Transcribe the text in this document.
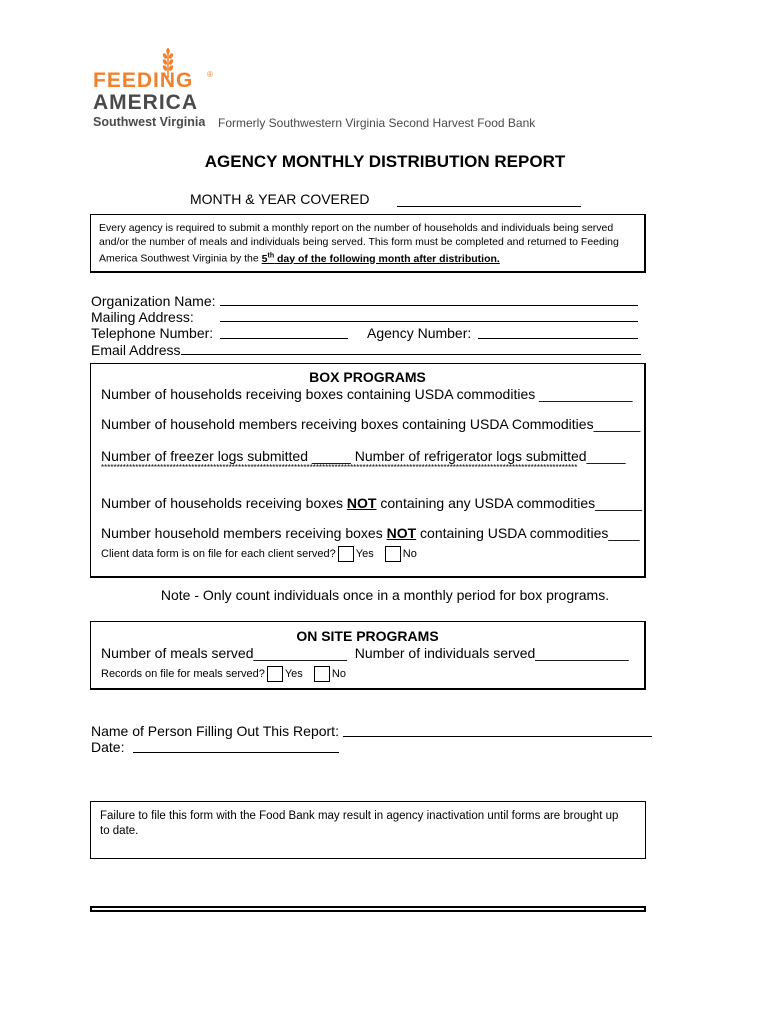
FEEDING ®
AMERICA
Southwest Virginia Formerly Southwestern Virginia Second Harvest Food Bank
AGENCY MONTHLY DISTRIBUTION REPORT
MONTH & YEAR COVERED
Every agency is required to submit a monthly report on the number of households and individuals being served and/or the number of meals and individuals being served. This form must be completed and returned to Feeding America Southwest Virginia by the 5th day of the following month after distribution.
Organization Name:
Mailing Address:
Telephone Number:	Agency Number:
Email Address
BOX PROGRAMS
Number of households receiving boxes containing USDA commodities ____________
Number of household members receiving boxes containing USDA Commodities______
Number of freezer logs submitted _____ Number of refrigerator logs submitted_____
*********************************************************************************************************************************************************
Number of households receiving boxes NOT containing any USDA commodities______
Number household members receiving boxes NOT containing USDA commodities____
Client data form is on file for each client served? Yes	No
Note - Only count individuals once in a monthly period for box programs.
ON SITE PROGRAMS
Number of meals served____________ Number of individuals served____________
Records on file for meals served? Yes	No
Name of Person Filling Out This Report:
Date:
Failure to file this form with the Food Bank may result in agency inactivation until forms are brought up to date.
